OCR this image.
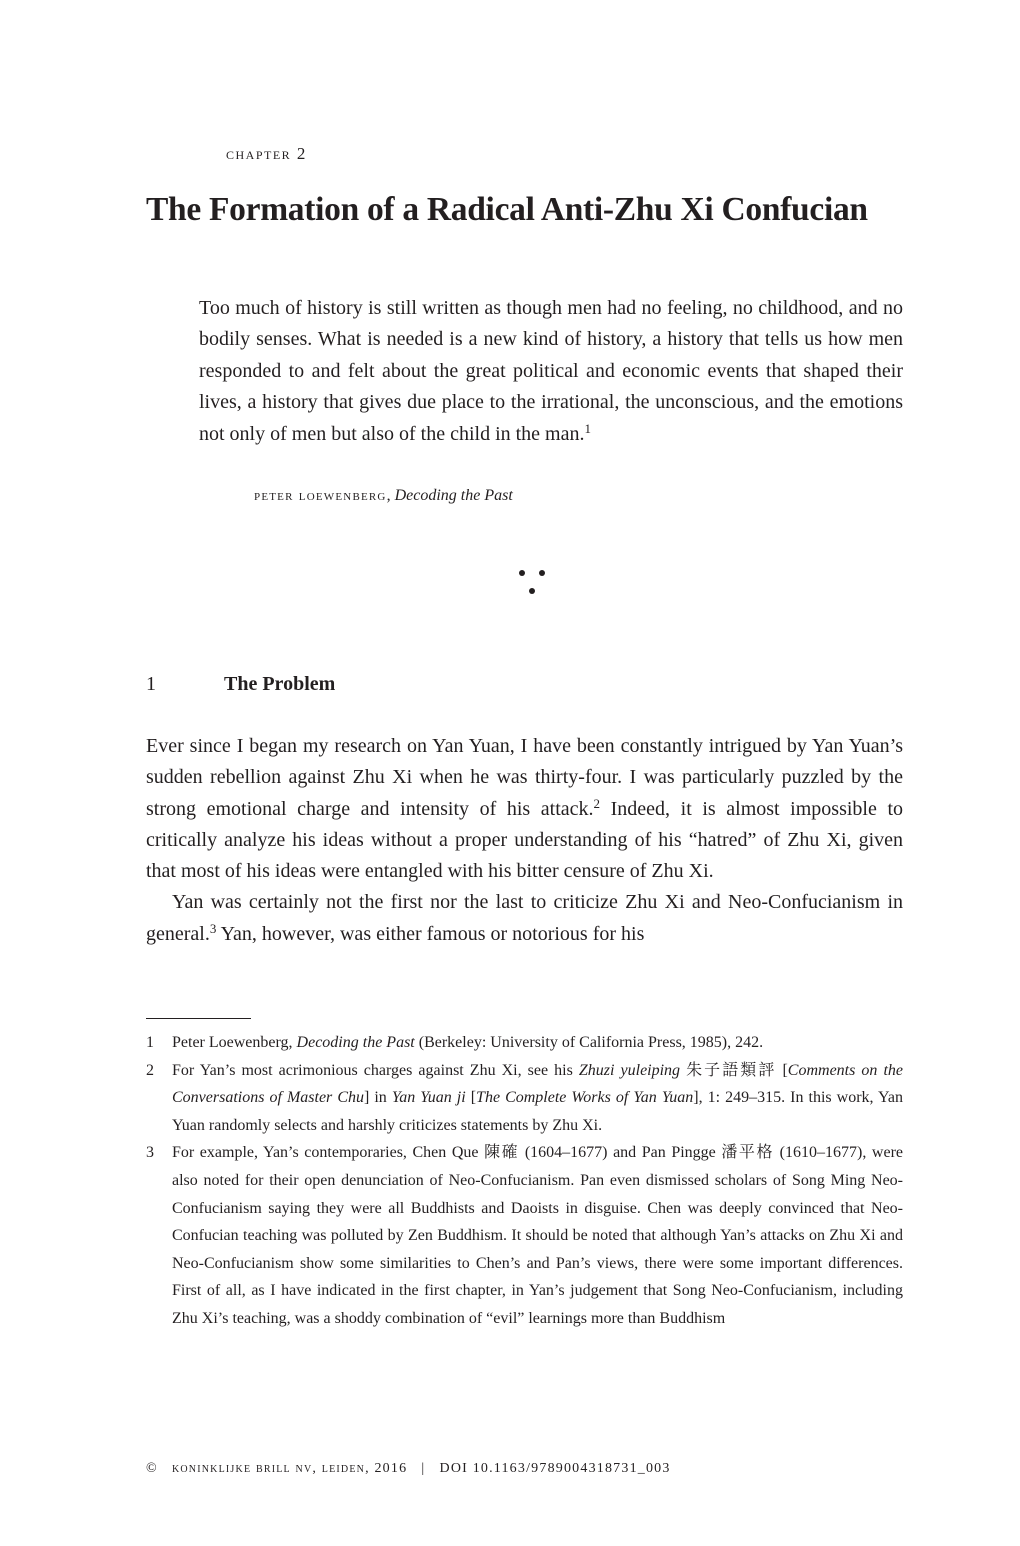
chapter 2
The Formation of a Radical Anti-Zhu Xi Confucian

Too much of history is still written as though men had no feeling, no childhood, and no bodily senses. What is needed is a new kind of history, a history that tells us how men responded to and felt about the great political and economic events that shaped their lives, a history that gives due place to the irrational, the unconscious, and the emotions not only of men but also of the child in the man.$^1$

peter loewenberg, Decoding the Past
1	The Problem

Ever since I began my research on Yan Yuan, I have been constantly intrigued by Yan Yuan’s sudden rebellion against Zhu Xi when he was thirty-four. I was particularly puzzled by the strong emotional charge and intensity of his attack.$^2$ Indeed, it is almost impossible to critically analyze his ideas without a proper understanding of his “hatred” of Zhu Xi, given that most of his ideas were entangled with his bitter censure of Zhu Xi.

Yan was certainly not the first nor the last to criticize Zhu Xi and Neo-Confucianism in general.$^3$ Yan, however, was either famous or notorious for his

1 Peter Loewenberg, Decoding the Past (Berkeley: University of California Press, 1985), 242.
2 For Yan’s most acrimonious charges against Zhu Xi, see his Zhuzi yuleiping 朱子語類評 [Comments on the Conversations of Master Chu] in Yan Yuan ji [The Complete Works of Yan Yuan], 1: 249–315. In this work, Yan Yuan randomly selects and harshly criticizes statements by Zhu Xi.
3 For example, Yan’s contemporaries, Chen Que 陳確 (1604–1677) and Pan Pingge 潘平格 (1610–1677), were also noted for their open denunciation of Neo-Confucianism. Pan even dismissed scholars of Song Ming Neo-Confucianism saying they were all Buddhists and Daoists in disguise. Chen was deeply convinced that Neo-Confucian teaching was polluted by Zen Buddhism. It should be noted that although Yan’s attacks on Zhu Xi and Neo-Confucianism show some similarities to Chen’s and Pan’s views, there were some important differences. First of all, as I have indicated in the first chapter, in Yan’s judgement that Song Neo-Confucianism, including Zhu Xi’s teaching, was a shoddy combination of “evil” learnings more than Buddhism
© koninklijke brill nv, leiden, 2016 | DOI 10.1163/9789004318731_003
